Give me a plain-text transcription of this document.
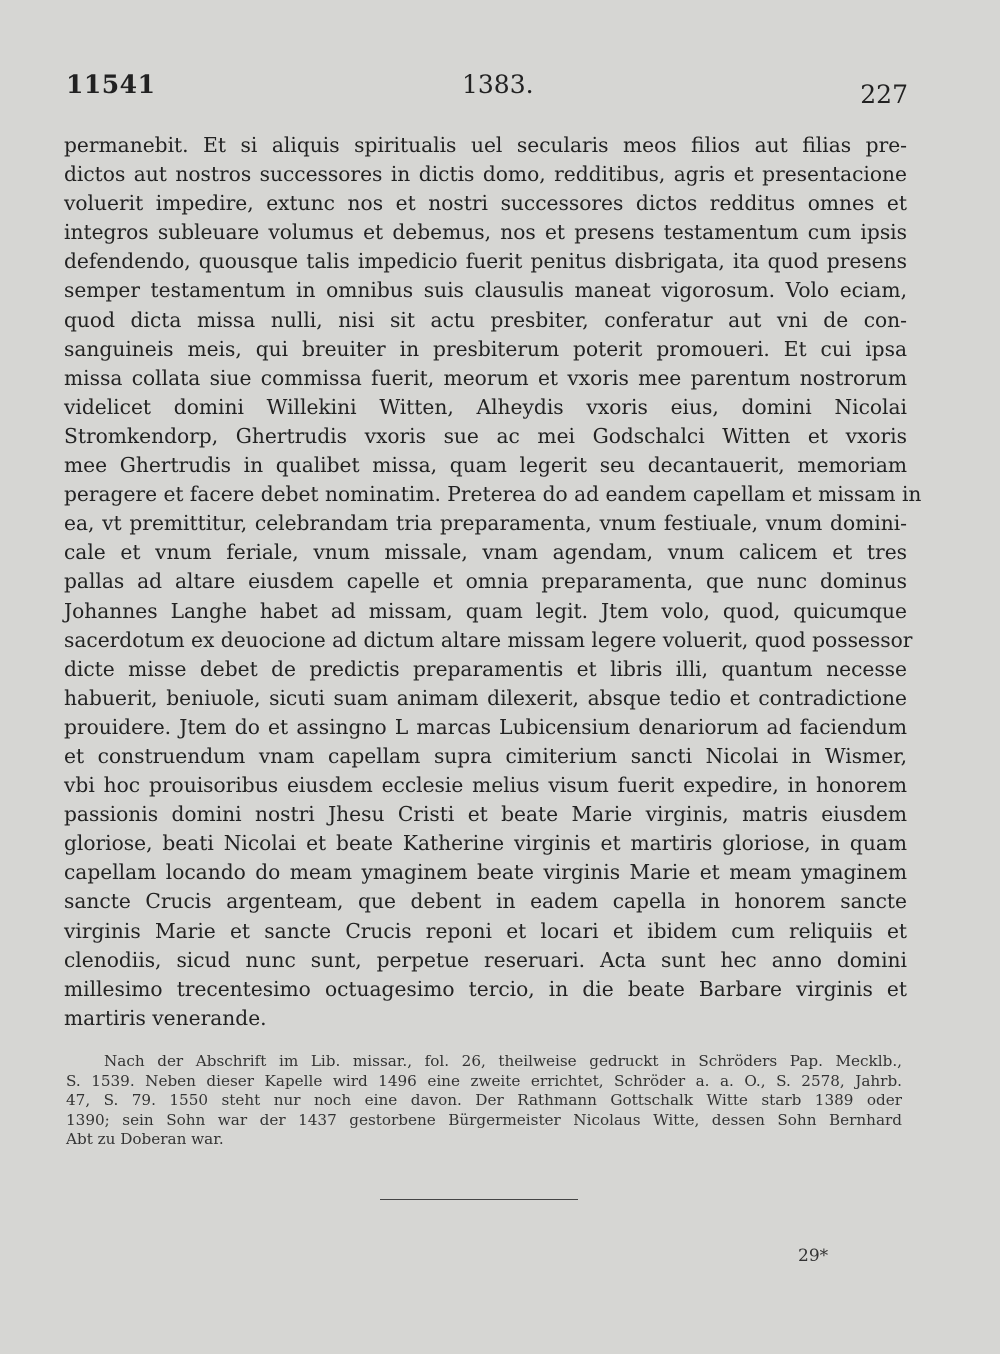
11541	1383.	227
permanebit. Et si aliquis spiritualis uel secularis meos filios aut filias pre-
dictos aut nostros successores in dictis domo, redditibus, agris et presentacione
voluerit impedire, extunc nos et nostri successores dictos redditus omnes et
integros subleuare volumus et debemus, nos et presens testamentum cum ipsis
defendendo, quousque talis impedicio fuerit penitus disbrigata, ita quod presens
semper testamentum in omnibus suis clausulis maneat vigorosum. Volo eciam,
quod dicta missa nulli, nisi sit actu presbiter, conferatur aut vni de con-
sanguineis meis, qui breuiter in presbiterum poterit promoueri. Et cui ipsa
missa collata siue commissa fuerit, meorum et vxoris mee parentum nostrorum
videlicet domini Willekini Witten, Alheydis vxoris eius, domini Nicolai
Stromkendorp, Ghertrudis vxoris sue ac mei Godschalci Witten et vxoris
mee Ghertrudis in qualibet missa, quam legerit seu decantauerit, memoriam
peragere et facere debet nominatim. Preterea do ad eandem capellam et missam in
ea, vt premittitur, celebrandam tria preparamenta, vnum festiuale, vnum domini-
cale et vnum feriale, vnum missale, vnam agendam, vnum calicem et tres
pallas ad altare eiusdem capelle et omnia preparamenta, que nunc dominus
Johannes Langhe habet ad missam, quam legit. Jtem volo, quod, quicumque
sacerdotum ex deuocione ad dictum altare missam legere voluerit, quod possessor
dicte misse debet de predictis preparamentis et libris illi, quantum necesse
habuerit, beniuole, sicuti suam animam dilexerit, absque tedio et contradictione
prouidere. Jtem do et assingno L marcas Lubicensium denariorum ad faciendum
et construendum vnam capellam supra cimiterium sancti Nicolai in Wismer,
vbi hoc prouisoribus eiusdem ecclesie melius visum fuerit expedire, in honorem
passionis domini nostri Jhesu Cristi et beate Marie virginis, matris eiusdem
gloriose, beati Nicolai et beate Katherine virginis et martiris gloriose, in quam
capellam locando do meam ymaginem beate virginis Marie et meam ymaginem
sancte Crucis argenteam, que debent in eadem capella in honorem sancte
virginis Marie et sancte Crucis reponi et locari et ibidem cum reliquiis et
clenodiis, sicud nunc sunt, perpetue reseruari. Acta sunt hec anno domini
millesimo trecentesimo octuagesimo tercio, in die beate Barbare virginis et
martiris venerande.
Nach der Abschrift im Lib. missar., fol. 26, theilweise gedruckt in Schröders Pap. Mecklb.,
S. 1539. Neben dieser Kapelle wird 1496 eine zweite errichtet, Schröder a. a. O., S. 2578, Jahrb.
47, S. 79. 1550 steht nur noch eine davon. Der Rathmann Gottschalk Witte starb 1389 oder
1390; sein Sohn war der 1437 gestorbene Bürgermeister Nicolaus Witte, dessen Sohn Bernhard
Abt zu Doberan war.
29*
